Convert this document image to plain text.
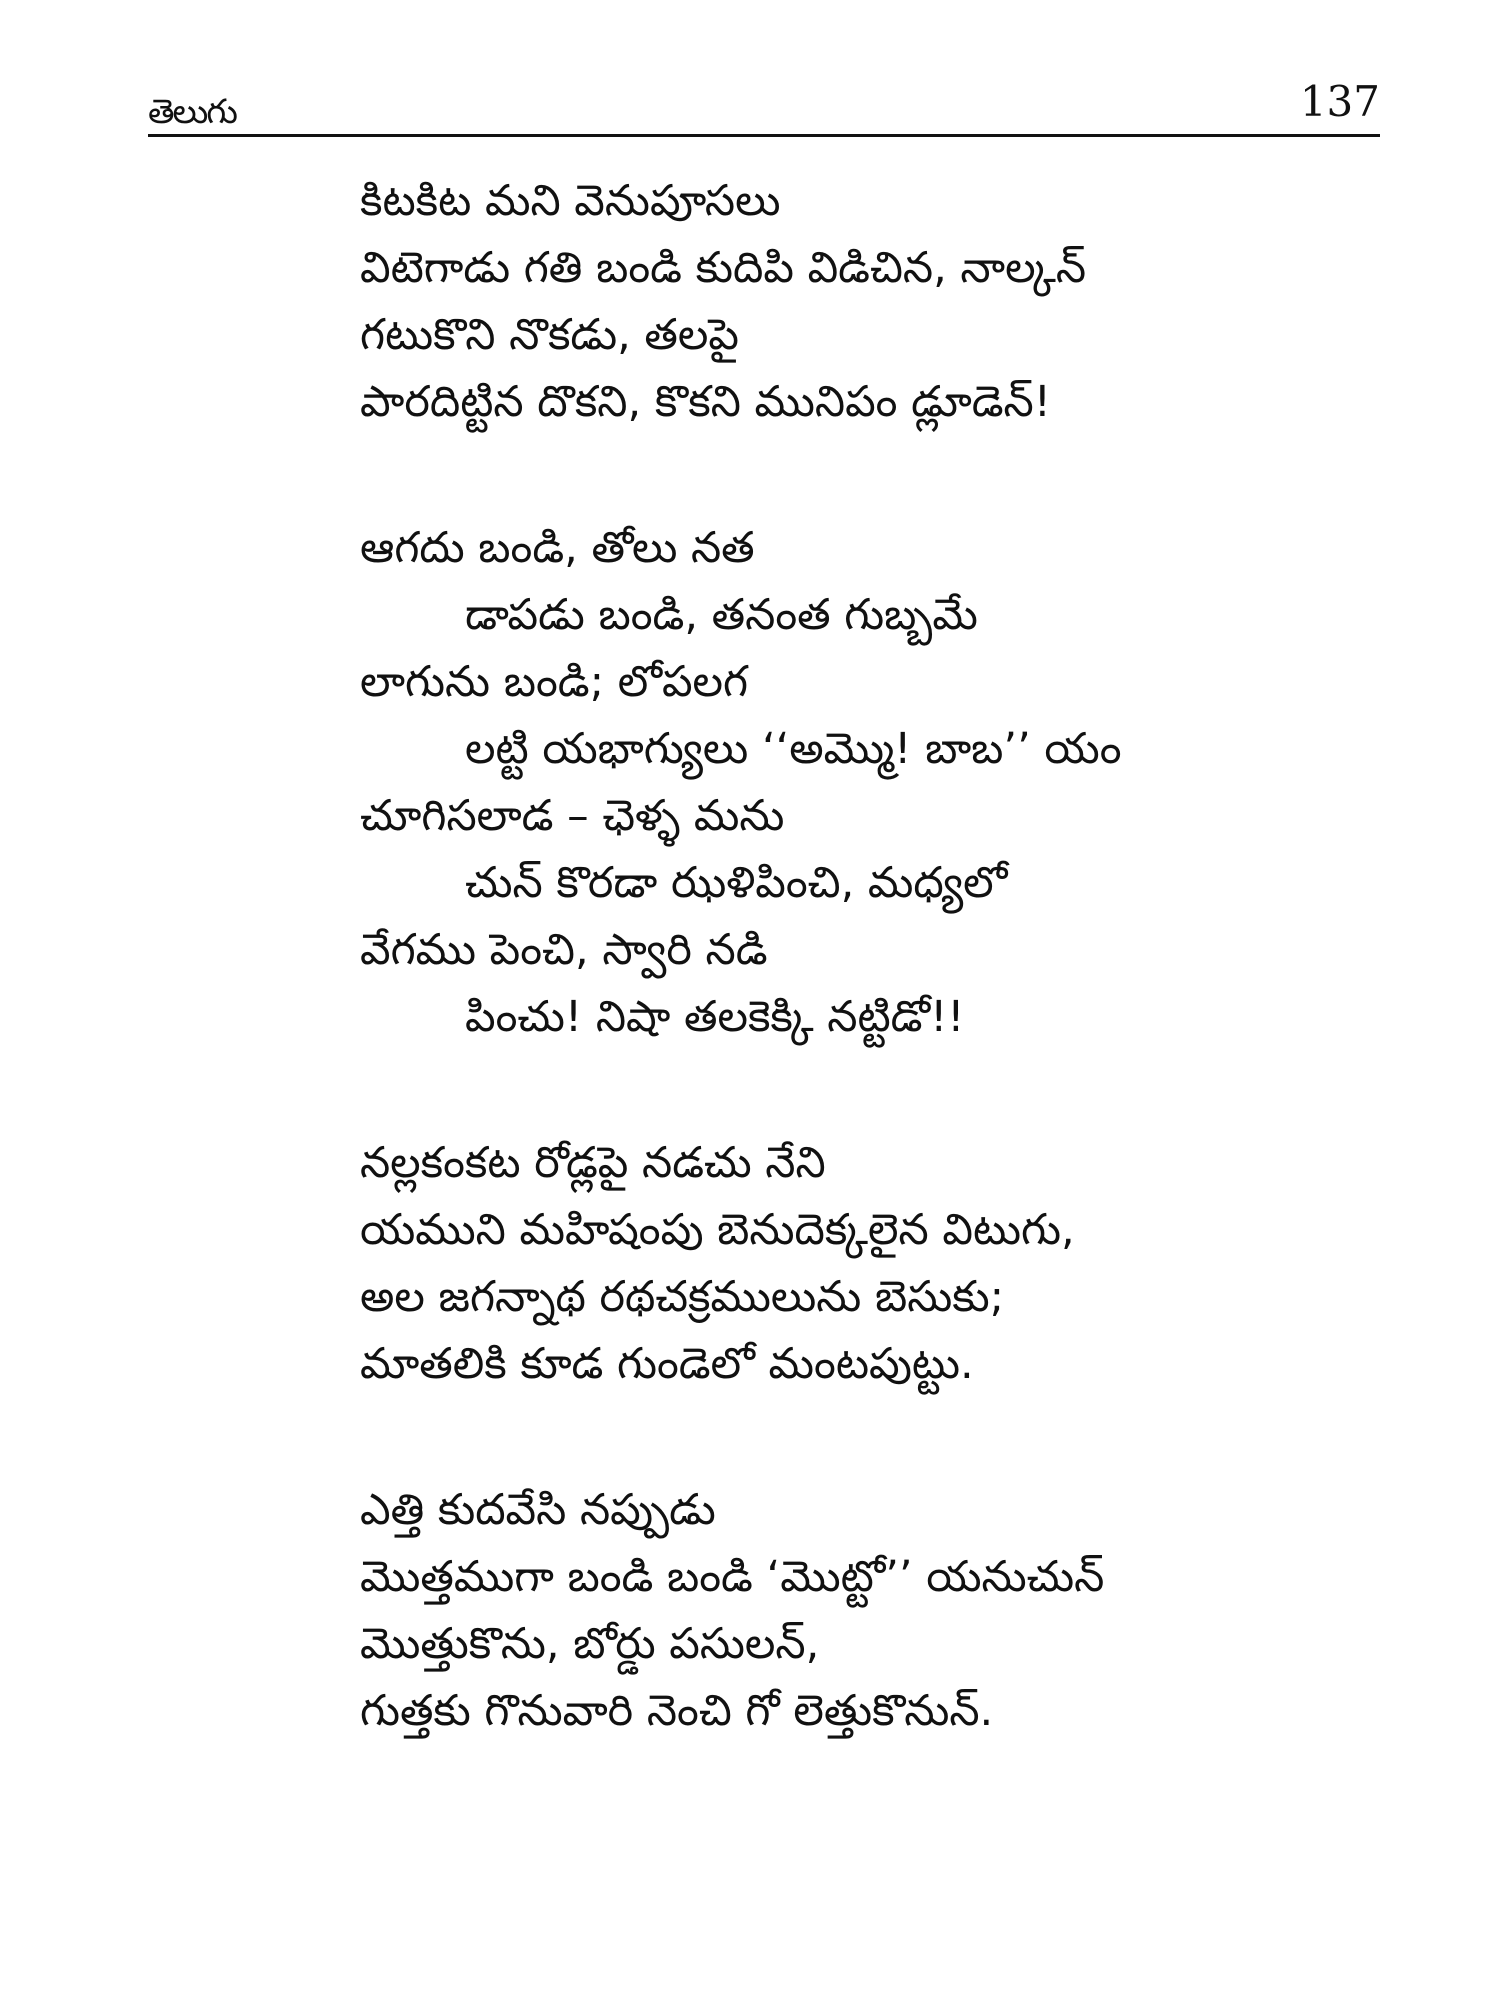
తెలుగు	137
కిటకిట మని వెనుపూసలు
విటెగాడు గతి బండి కుదిపి విడిచిన, నాల్కన్
గటుకొని నొకడు, తలపై
పారదిట్టిన దొకని, కొకని మునిపం డ్లూడెన్!
ఆగదు బండి, తోలు నత
డాపడు బండి, తనంత గుబ్బమే
లాగును బండి; లోపలగ
లట్టి యభాగ్యులు ‘‘అమ్మొ! బాబ’’ యం
చూగిసలాడ – ఛెళ్ళ మను
చున్ కొరడా ఝళిపించి, మధ్యలో
వేగము పెంచి, స్వారి నడి
పించు! నిషా తలకెక్కి నట్టిడో!!
నల్లకంకట రోడ్లపై నడచు నేని
యముని మహిషంపు బెనుదెక్కలైన విటుగు,
అల జగన్నాథ రథచక్రములును బెసుకు;
మాతలికి కూడ గుండెలో మంటపుట్టు.
ఎత్తి కుదవేసి నప్పుడు
మొత్తముగా బండి బండి ‘మొట్టో’’ యనుచున్
మొత్తుకొను, బోర్డు పసులన్,
గుత్తకు గొనువారి నెంచి గో లెత్తుకొనున్.
